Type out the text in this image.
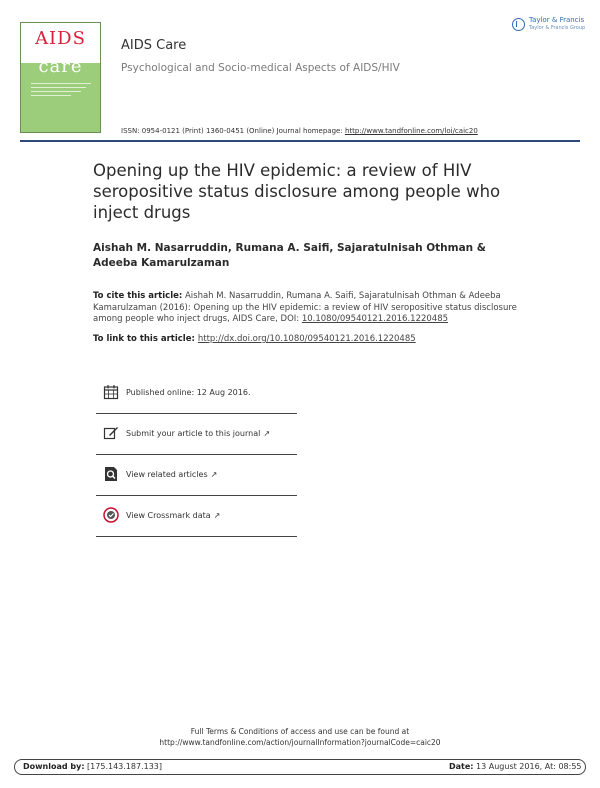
AIDS
care
AIDS Care
Psychological and Socio-medical Aspects of AIDS/HIV
ISSN: 0954-0121 (Print) 1360-0451 (Online) Journal homepage: http://www.tandfonline.com/loi/caic20
Taylor & Francis
Taylor & Francis Group
Opening up the HIV epidemic: a review of HIV seropositive status disclosure among people who inject drugs
Aishah M. Nasarruddin, Rumana A. Saifi, Sajaratulnisah Othman & Adeeba Kamarulzaman
To cite this article: Aishah M. Nasarruddin, Rumana A. Saifi, Sajaratulnisah Othman & Adeeba Kamarulzaman (2016): Opening up the HIV epidemic: a review of HIV seropositive status disclosure among people who inject drugs, AIDS Care, DOI: 10.1080/09540121.2016.1220485
To link to this article: http://dx.doi.org/10.1080/09540121.2016.1220485
Published online: 12 Aug 2016.
Submit your article to this journal ↗
View related articles ↗
View Crossmark data ↗
Full Terms & Conditions of access and use can be found at
http://www.tandfonline.com/action/journalInformation?journalCode=caic20
Download by: [175.143.187.133]	Date: 13 August 2016, At: 08:55
